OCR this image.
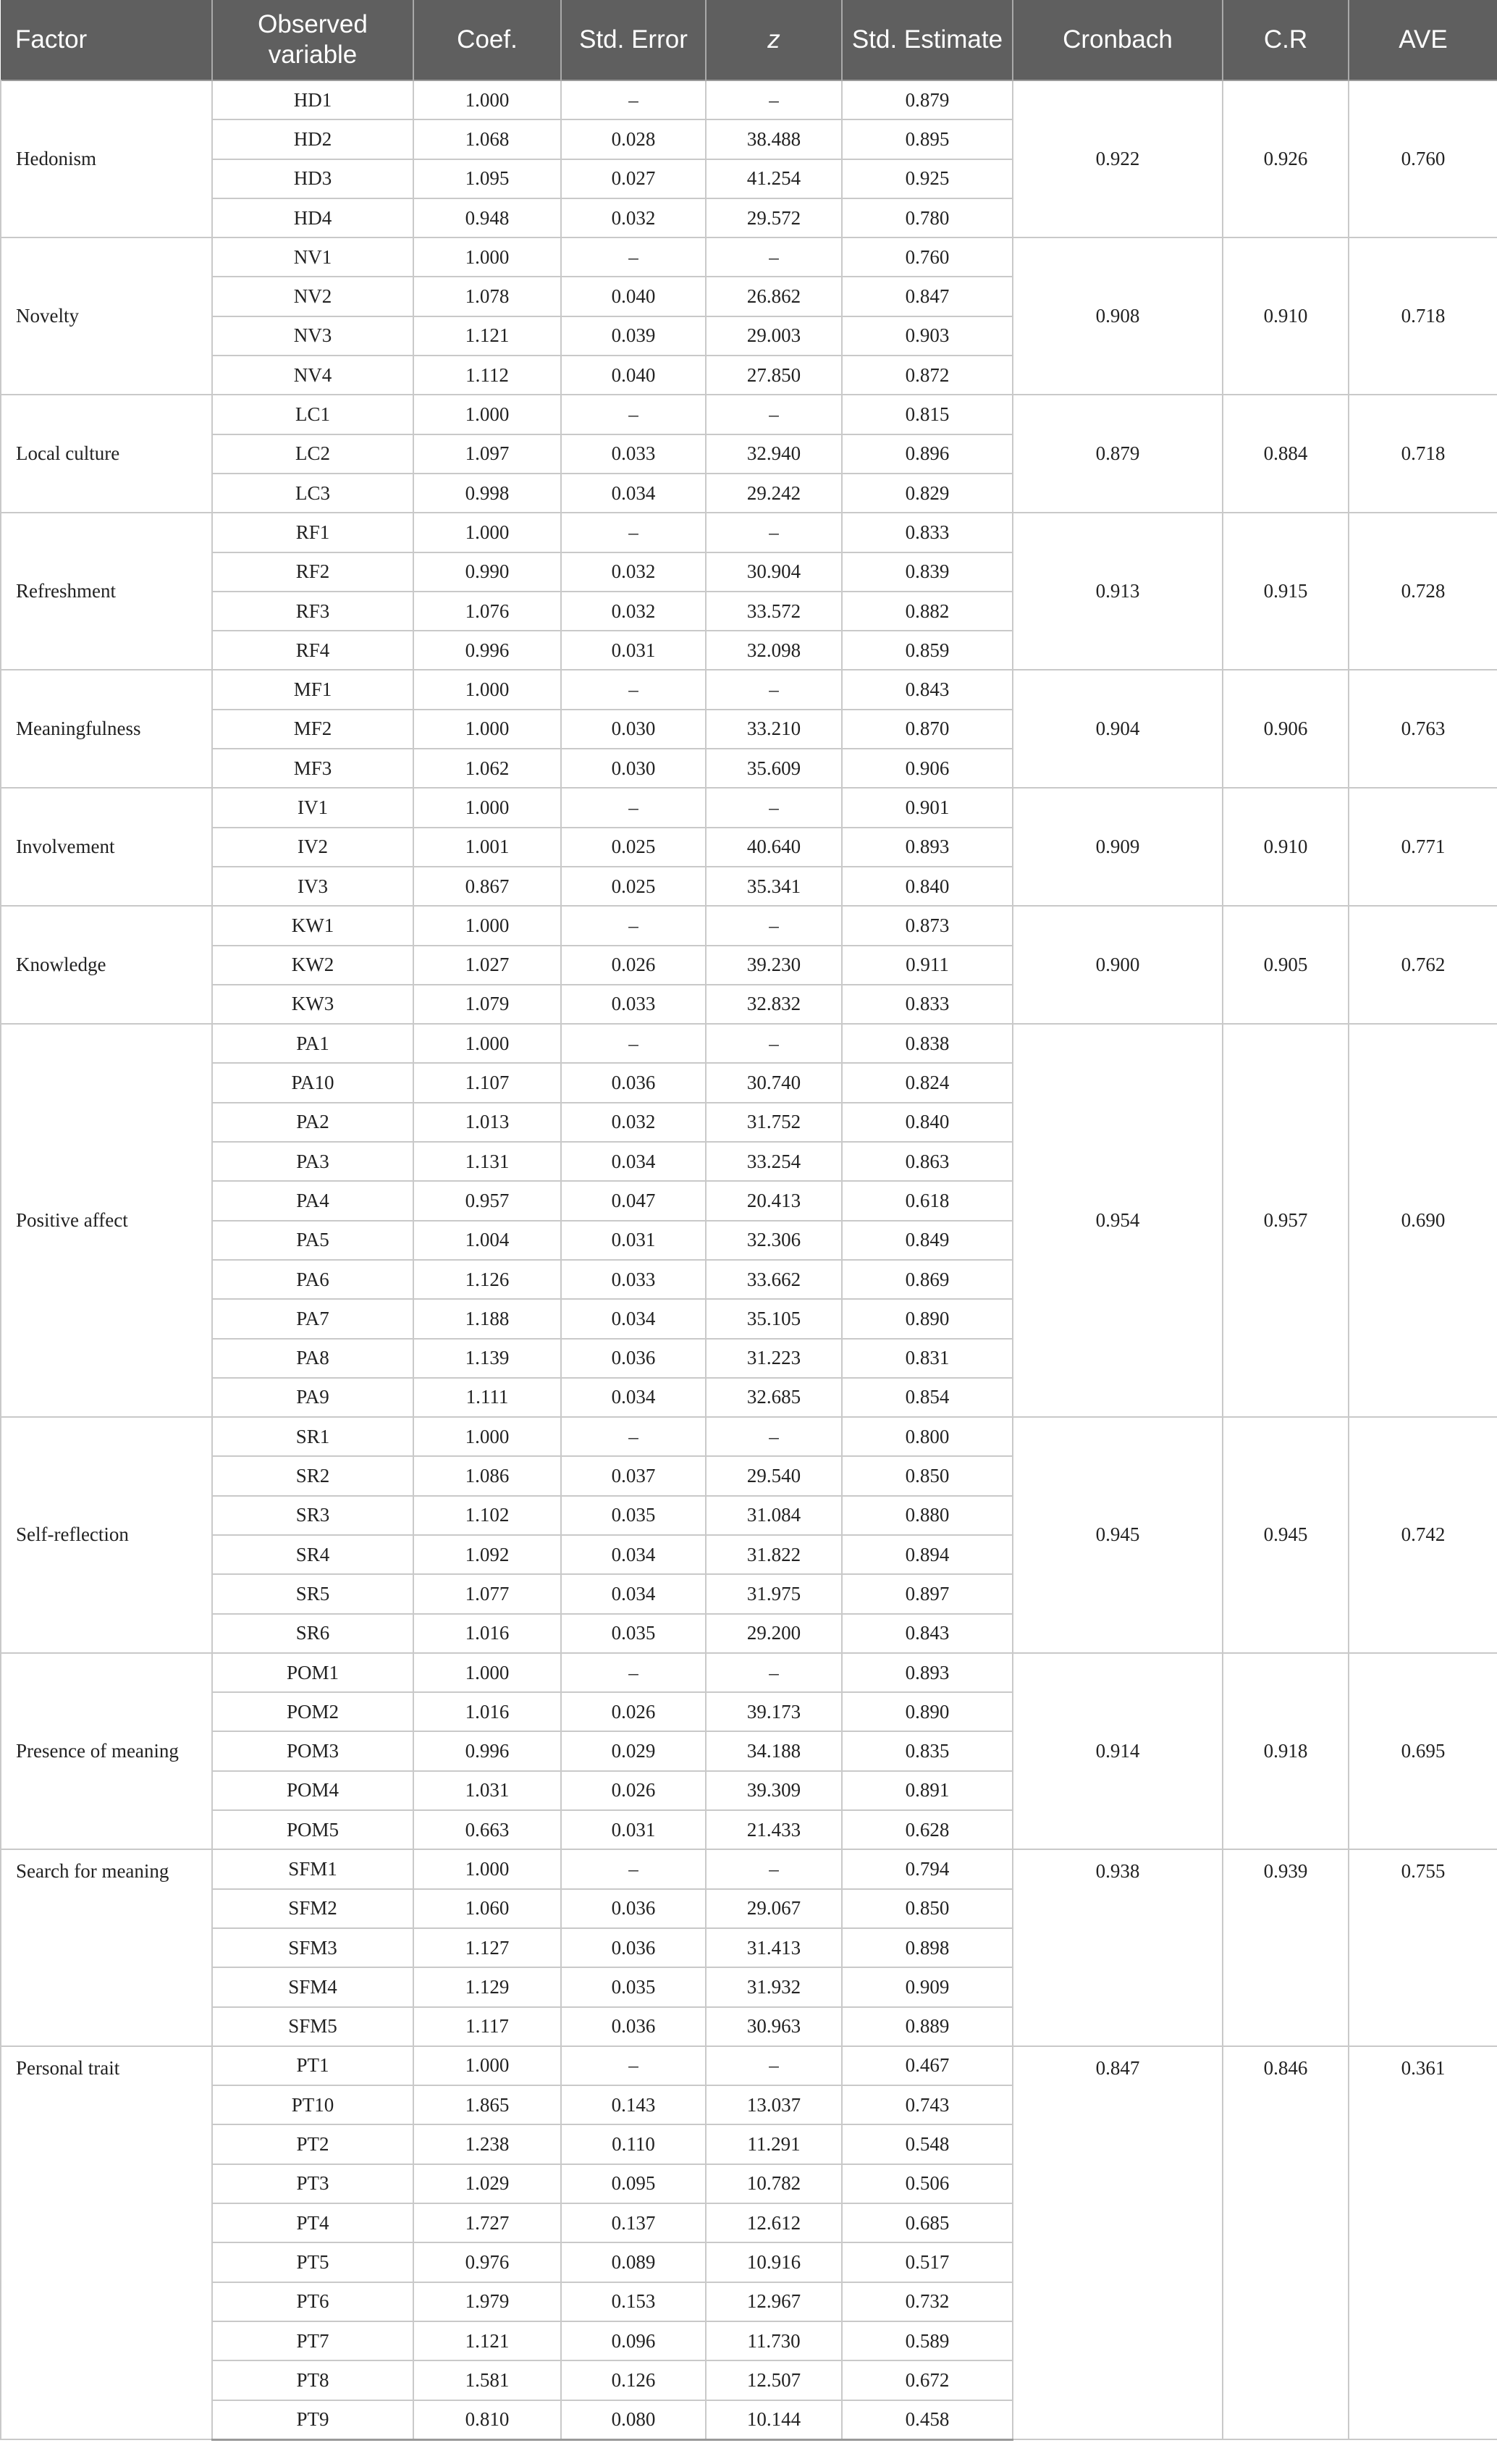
Factor	Observed variable	Coef.	Std. Error	z	Std. Estimate	Cronbach	C.R	AVE
Hedonism	HD1	1.000	–	–	0.879	0.922	0.926	0.760
	HD2	1.068	0.028	38.488	0.895			
	HD3	1.095	0.027	41.254	0.925			
	HD4	0.948	0.032	29.572	0.780			
Novelty	NV1	1.000	–	–	0.760	0.908	0.910	0.718
	NV2	1.078	0.040	26.862	0.847			
	NV3	1.121	0.039	29.003	0.903			
	NV4	1.112	0.040	27.850	0.872			
Local culture	LC1	1.000	–	–	0.815	0.879	0.884	0.718
	LC2	1.097	0.033	32.940	0.896			
	LC3	0.998	0.034	29.242	0.829			
Refreshment	RF1	1.000	–	–	0.833	0.913	0.915	0.728
	RF2	0.990	0.032	30.904	0.839			
	RF3	1.076	0.032	33.572	0.882			
	RF4	0.996	0.031	32.098	0.859			
Meaningfulness	MF1	1.000	–	–	0.843	0.904	0.906	0.763
	MF2	1.000	0.030	33.210	0.870			
	MF3	1.062	0.030	35.609	0.906			
Involvement	IV1	1.000	–	–	0.901	0.909	0.910	0.771
	IV2	1.001	0.025	40.640	0.893			
	IV3	0.867	0.025	35.341	0.840			
Knowledge	KW1	1.000	–	–	0.873	0.900	0.905	0.762
	KW2	1.027	0.026	39.230	0.911			
	KW3	1.079	0.033	32.832	0.833			
Positive affect	PA1	1.000	–	–	0.838	0.954	0.957	0.690
	PA10	1.107	0.036	30.740	0.824			
	PA2	1.013	0.032	31.752	0.840			
	PA3	1.131	0.034	33.254	0.863			
	PA4	0.957	0.047	20.413	0.618			
	PA5	1.004	0.031	32.306	0.849			
	PA6	1.126	0.033	33.662	0.869			
	PA7	1.188	0.034	35.105	0.890			
	PA8	1.139	0.036	31.223	0.831			
	PA9	1.111	0.034	32.685	0.854			
Self-reflection	SR1	1.000	–	–	0.800	0.945	0.945	0.742
	SR2	1.086	0.037	29.540	0.850			
	SR3	1.102	0.035	31.084	0.880			
	SR4	1.092	0.034	31.822	0.894			
	SR5	1.077	0.034	31.975	0.897			
	SR6	1.016	0.035	29.200	0.843			
Presence of meaning	POM1	1.000	–	–	0.893	0.914	0.918	0.695
	POM2	1.016	0.026	39.173	0.890			
	POM3	0.996	0.029	34.188	0.835			
	POM4	1.031	0.026	39.309	0.891			
	POM5	0.663	0.031	21.433	0.628			
Search for meaning	SFM1	1.000	–	–	0.794	0.938	0.939	0.755
	SFM2	1.060	0.036	29.067	0.850			
	SFM3	1.127	0.036	31.413	0.898			
	SFM4	1.129	0.035	31.932	0.909			
	SFM5	1.117	0.036	30.963	0.889			
Personal trait	PT1	1.000	–	–	0.467	0.847	0.846	0.361
	PT10	1.865	0.143	13.037	0.743			
	PT2	1.238	0.110	11.291	0.548			
	PT3	1.029	0.095	10.782	0.506			
	PT4	1.727	0.137	12.612	0.685			
	PT5	0.976	0.089	10.916	0.517			
	PT6	1.979	0.153	12.967	0.732			
	PT7	1.121	0.096	11.730	0.589			
	PT8	1.581	0.126	12.507	0.672			
	PT9	0.810	0.080	10.144	0.458			
